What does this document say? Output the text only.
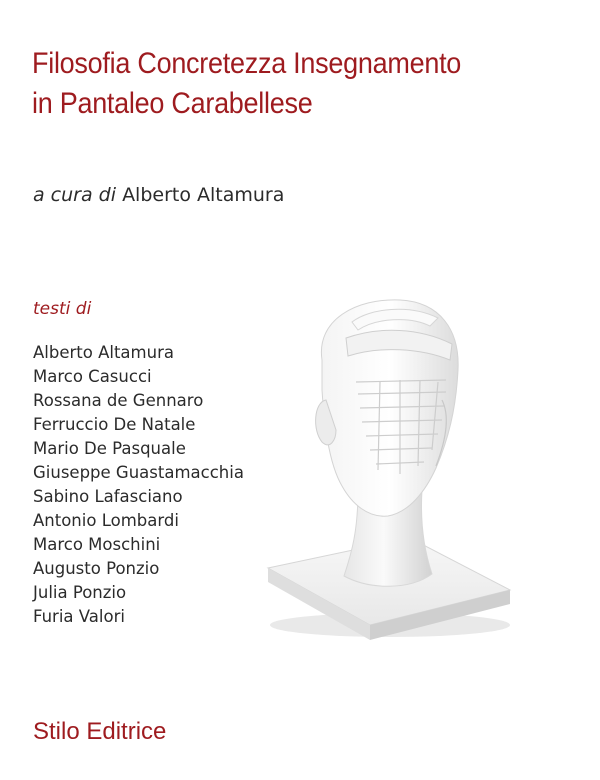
Filosofia Concretezza Insegnamento
in Pantaleo Carabellese
a cura di Alberto Altamura
testi di
Alberto Altamura
Marco Casucci
Rossana de Gennaro
Ferruccio De Natale
Mario De Pasquale
Giuseppe Guastamacchia
Sabino Lafasciano
Antonio Lombardi
Marco Moschini
Augusto Ponzio
Julia Ponzio
Furia Valori
Stilo Editrice
